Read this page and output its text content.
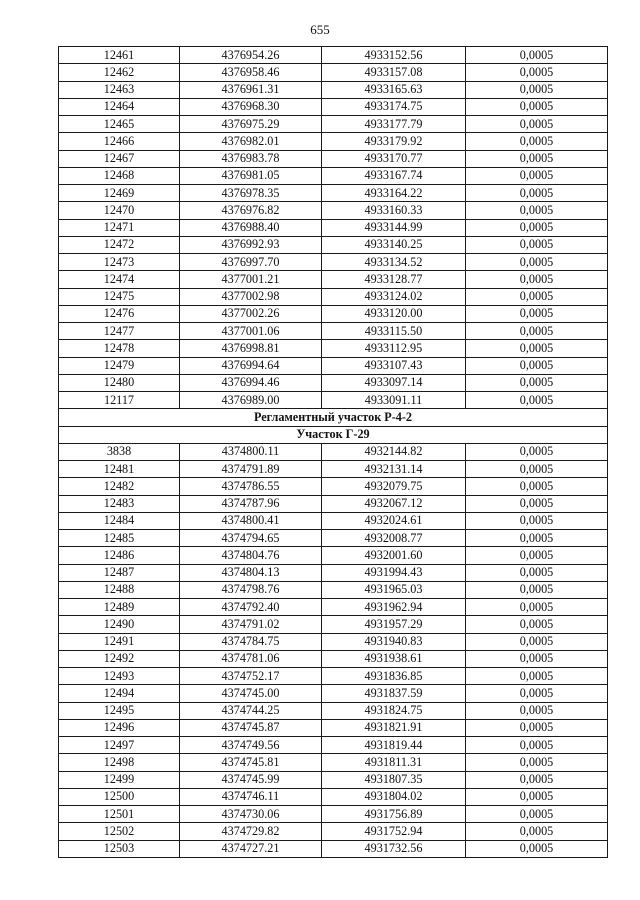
655
12461	4376954.26	4933152.56	0,0005
12462	4376958.46	4933157.08	0,0005
12463	4376961.31	4933165.63	0,0005
12464	4376968.30	4933174.75	0,0005
12465	4376975.29	4933177.79	0,0005
12466	4376982.01	4933179.92	0,0005
12467	4376983.78	4933170.77	0,0005
12468	4376981.05	4933167.74	0,0005
12469	4376978.35	4933164.22	0,0005
12470	4376976.82	4933160.33	0,0005
12471	4376988.40	4933144.99	0,0005
12472	4376992.93	4933140.25	0,0005
12473	4376997.70	4933134.52	0,0005
12474	4377001.21	4933128.77	0,0005
12475	4377002.98	4933124.02	0,0005
12476	4377002.26	4933120.00	0,0005
12477	4377001.06	4933115.50	0,0005
12478	4376998.81	4933112.95	0,0005
12479	4376994.64	4933107.43	0,0005
12480	4376994.46	4933097.14	0,0005
12117	4376989.00	4933091.11	0,0005
Регламентный участок Р-4-2			
Участок Г-29			
3838	4374800.11	4932144.82	0,0005
12481	4374791.89	4932131.14	0,0005
12482	4374786.55	4932079.75	0,0005
12483	4374787.96	4932067.12	0,0005
12484	4374800.41	4932024.61	0,0005
12485	4374794.65	4932008.77	0,0005
12486	4374804.76	4932001.60	0,0005
12487	4374804.13	4931994.43	0,0005
12488	4374798.76	4931965.03	0,0005
12489	4374792.40	4931962.94	0,0005
12490	4374791.02	4931957.29	0,0005
12491	4374784.75	4931940.83	0,0005
12492	4374781.06	4931938.61	0,0005
12493	4374752.17	4931836.85	0,0005
12494	4374745.00	4931837.59	0,0005
12495	4374744.25	4931824.75	0,0005
12496	4374745.87	4931821.91	0,0005
12497	4374749.56	4931819.44	0,0005
12498	4374745.81	4931811.31	0,0005
12499	4374745.99	4931807.35	0,0005
12500	4374746.11	4931804.02	0,0005
12501	4374730.06	4931756.89	0,0005
12502	4374729.82	4931752.94	0,0005
12503	4374727.21	4931732.56	0,0005
